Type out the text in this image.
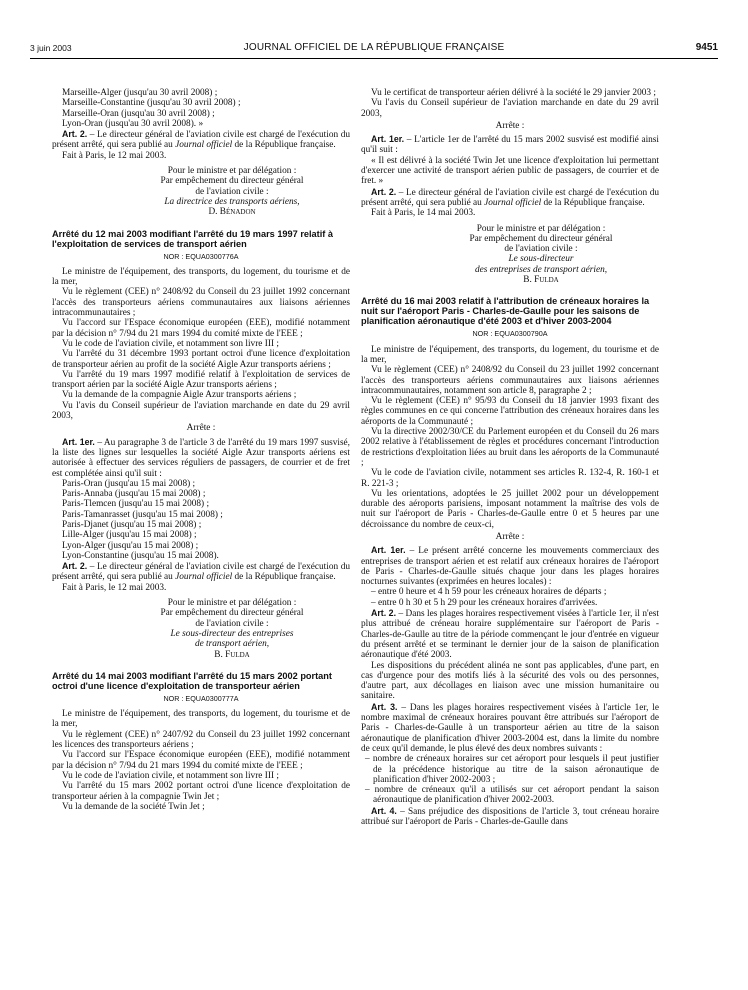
3 juin 2003	JOURNAL OFFICIEL DE LA RÉPUBLIQUE FRANÇAISE	9451

Marseille-Alger (jusqu'au 30 avril 2008) ;

Marseille-Constantine (jusqu'au 30 avril 2008) ;

Marseille-Oran (jusqu'au 30 avril 2008) ;

Lyon-Oran (jusqu'au 30 avril 2008). »

Art. 2. – Le directeur général de l'aviation civile est chargé de l'exécution du présent arrêté, qui sera publié au Journal officiel de la République française.

Fait à Paris, le 12 mai 2003.

Pour le ministre et par délégation :

Par empêchement du directeur général

de l'aviation civile :

La directrice des transports aériens,

D. Bénadon

Arrêté du 12 mai 2003 modifiant l'arrêté du 19 mars 1997 relatif à l'exploitation de services de transport aérien

NOR : EQUA0300776A

Le ministre de l'équipement, des transports, du logement, du tourisme et de la mer,

Vu le règlement (CEE) n° 2408/92 du Conseil du 23 juillet 1992 concernant l'accès des transporteurs aériens communautaires aux liaisons aériennes intracommunautaires ;

Vu l'accord sur l'Espace économique européen (EEE), modifié notamment par la décision n° 7/94 du 21 mars 1994 du comité mixte de l'EEE ;

Vu le code de l'aviation civile, et notamment son livre III ;

Vu l'arrêté du 31 décembre 1993 portant octroi d'une licence d'exploitation de transporteur aérien au profit de la société Aigle Azur transports aériens ;

Vu l'arrêté du 19 mars 1997 modifié relatif à l'exploitation de services de transport aérien par la société Aigle Azur transports aériens ;

Vu la demande de la compagnie Aigle Azur transports aériens ;

Vu l'avis du Conseil supérieur de l'aviation marchande en date du 29 avril 2003,

Arrête :

Art. 1er. – Au paragraphe 3 de l'article 3 de l'arrêté du 19 mars 1997 susvisé, la liste des lignes sur lesquelles la société Aigle Azur transports aériens est autorisée à effectuer des services réguliers de passagers, de courrier et de fret est complétée ainsi qu'il suit :

Paris-Oran (jusqu'au 15 mai 2008) ;

Paris-Annaba (jusqu'au 15 mai 2008) ;

Paris-Tlemcen (jusqu'au 15 mai 2008) ;

Paris-Tamanrasset (jusqu'au 15 mai 2008) ;

Paris-Djanet (jusqu'au 15 mai 2008) ;

Lille-Alger (jusqu'au 15 mai 2008) ;

Lyon-Alger (jusqu'au 15 mai 2008) ;

Lyon-Constantine (jusqu'au 15 mai 2008).

Art. 2. – Le directeur général de l'aviation civile est chargé de l'exécution du présent arrêté, qui sera publié au Journal officiel de la République française.

Fait à Paris, le 12 mai 2003.

Pour le ministre et par délégation :

Par empêchement du directeur général

de l'aviation civile :

Le sous-directeur des entreprises

de transport aérien,

B. Fulda

Arrêté du 14 mai 2003 modifiant l'arrêté du 15 mars 2002 portant octroi d'une licence d'exploitation de transporteur aérien

NOR : EQUA0300777A

Le ministre de l'équipement, des transports, du logement, du tourisme et de la mer,

Vu le règlement (CEE) n° 2407/92 du Conseil du 23 juillet 1992 concernant les licences des transporteurs aériens ;

Vu l'accord sur l'Espace économique européen (EEE), modifié notamment par la décision n° 7/94 du 21 mars 1994 du comité mixte de l'EEE ;

Vu le code de l'aviation civile, et notamment son livre III ;

Vu l'arrêté du 15 mars 2002 portant octroi d'une licence d'exploitation de transporteur aérien à la compagnie Twin Jet ;

Vu la demande de la société Twin Jet ;

Vu le certificat de transporteur aérien délivré à la société le 29 janvier 2003 ;

Vu l'avis du Conseil supérieur de l'aviation marchande en date du 29 avril 2003,

Arrête :

Art. 1er. – L'article 1er de l'arrêté du 15 mars 2002 susvisé est modifié ainsi qu'il suit :

« Il est délivré à la société Twin Jet une licence d'exploitation lui permettant d'exercer une activité de transport aérien public de passagers, de courrier et de fret. »

Art. 2. – Le directeur général de l'aviation civile est chargé de l'exécution du présent arrêté, qui sera publié au Journal officiel de la République française.

Fait à Paris, le 14 mai 2003.

Pour le ministre et par délégation :

Par empêchement du directeur général

de l'aviation civile :

Le sous-directeur

des entreprises de transport aérien,

B. Fulda

Arrêté du 16 mai 2003 relatif à l'attribution de créneaux horaires la nuit sur l'aéroport Paris - Charles-de-Gaulle pour les saisons de planification aéronautique d'été 2003 et d'hiver 2003-2004

NOR : EQUA0300790A

Le ministre de l'équipement, des transports, du logement, du tourisme et de la mer,

Vu le règlement (CEE) n° 2408/92 du Conseil du 23 juillet 1992 concernant l'accès des transporteurs aériens communautaires aux liaisons aériennes intracommunautaires, notamment son article 8, paragraphe 2 ;

Vu le règlement (CEE) n° 95/93 du Conseil du 18 janvier 1993 fixant des règles communes en ce qui concerne l'attribution des créneaux horaires dans les aéroports de la Communauté ;

Vu la directive 2002/30/CE du Parlement européen et du Conseil du 26 mars 2002 relative à l'établissement de règles et procédures concernant l'introduction de restrictions d'exploitation liées au bruit dans les aéroports de la Communauté ;

Vu le code de l'aviation civile, notamment ses articles R. 132-4, R. 160-1 et R. 221-3 ;

Vu les orientations, adoptées le 25 juillet 2002 pour un développement durable des aéroports parisiens, imposant notamment la maîtrise des vols de nuit sur l'aéroport de Paris - Charles-de-Gaulle entre 0 et 5 heures par une décroissance du nombre de ceux-ci,

Arrête :

Art. 1er. – Le présent arrêté concerne les mouvements commerciaux des entreprises de transport aérien et est relatif aux créneaux horaires de l'aéroport de Paris - Charles-de-Gaulle situés chaque jour dans les plages horaires nocturnes suivantes (exprimées en heures locales) :

– entre 0 heure et 4 h 59 pour les créneaux horaires de départs ;

– entre 0 h 30 et 5 h 29 pour les créneaux horaires d'arrivées.

Art. 2. – Dans les plages horaires respectivement visées à l'article 1er, il n'est plus attribué de créneau horaire supplémentaire sur l'aéroport de Paris - Charles-de-Gaulle au titre de la période commençant le jour d'entrée en vigueur du présent arrêté et se terminant le dernier jour de la saison de planification aéronautique d'été 2003.

Les dispositions du précédent alinéa ne sont pas applicables, d'une part, en cas d'urgence pour des motifs liés à la sécurité des vols ou des personnes, d'autre part, aux décollages en liaison avec une mission humanitaire ou sanitaire.

Art. 3. – Dans les plages horaires respectivement visées à l'article 1er, le nombre maximal de créneaux horaires pouvant être attribués sur l'aéroport de Paris - Charles-de-Gaulle à un transporteur aérien au titre de la saison aéronautique de planification d'hiver 2003-2004 est, dans la limite du nombre de ceux qu'il demande, le plus élevé des deux nombres suivants :

– nombre de créneaux horaires sur cet aéroport pour lesquels il peut justifier de la précédence historique au titre de la saison aéronautique de planification d'hiver 2002-2003 ;

– nombre de créneaux qu'il a utilisés sur cet aéroport pendant la saison aéronautique de planification d'hiver 2002-2003.

Art. 4. – Sans préjudice des dispositions de l'article 3, tout créneau horaire attribué sur l'aéroport de Paris - Charles-de-Gaulle dans
